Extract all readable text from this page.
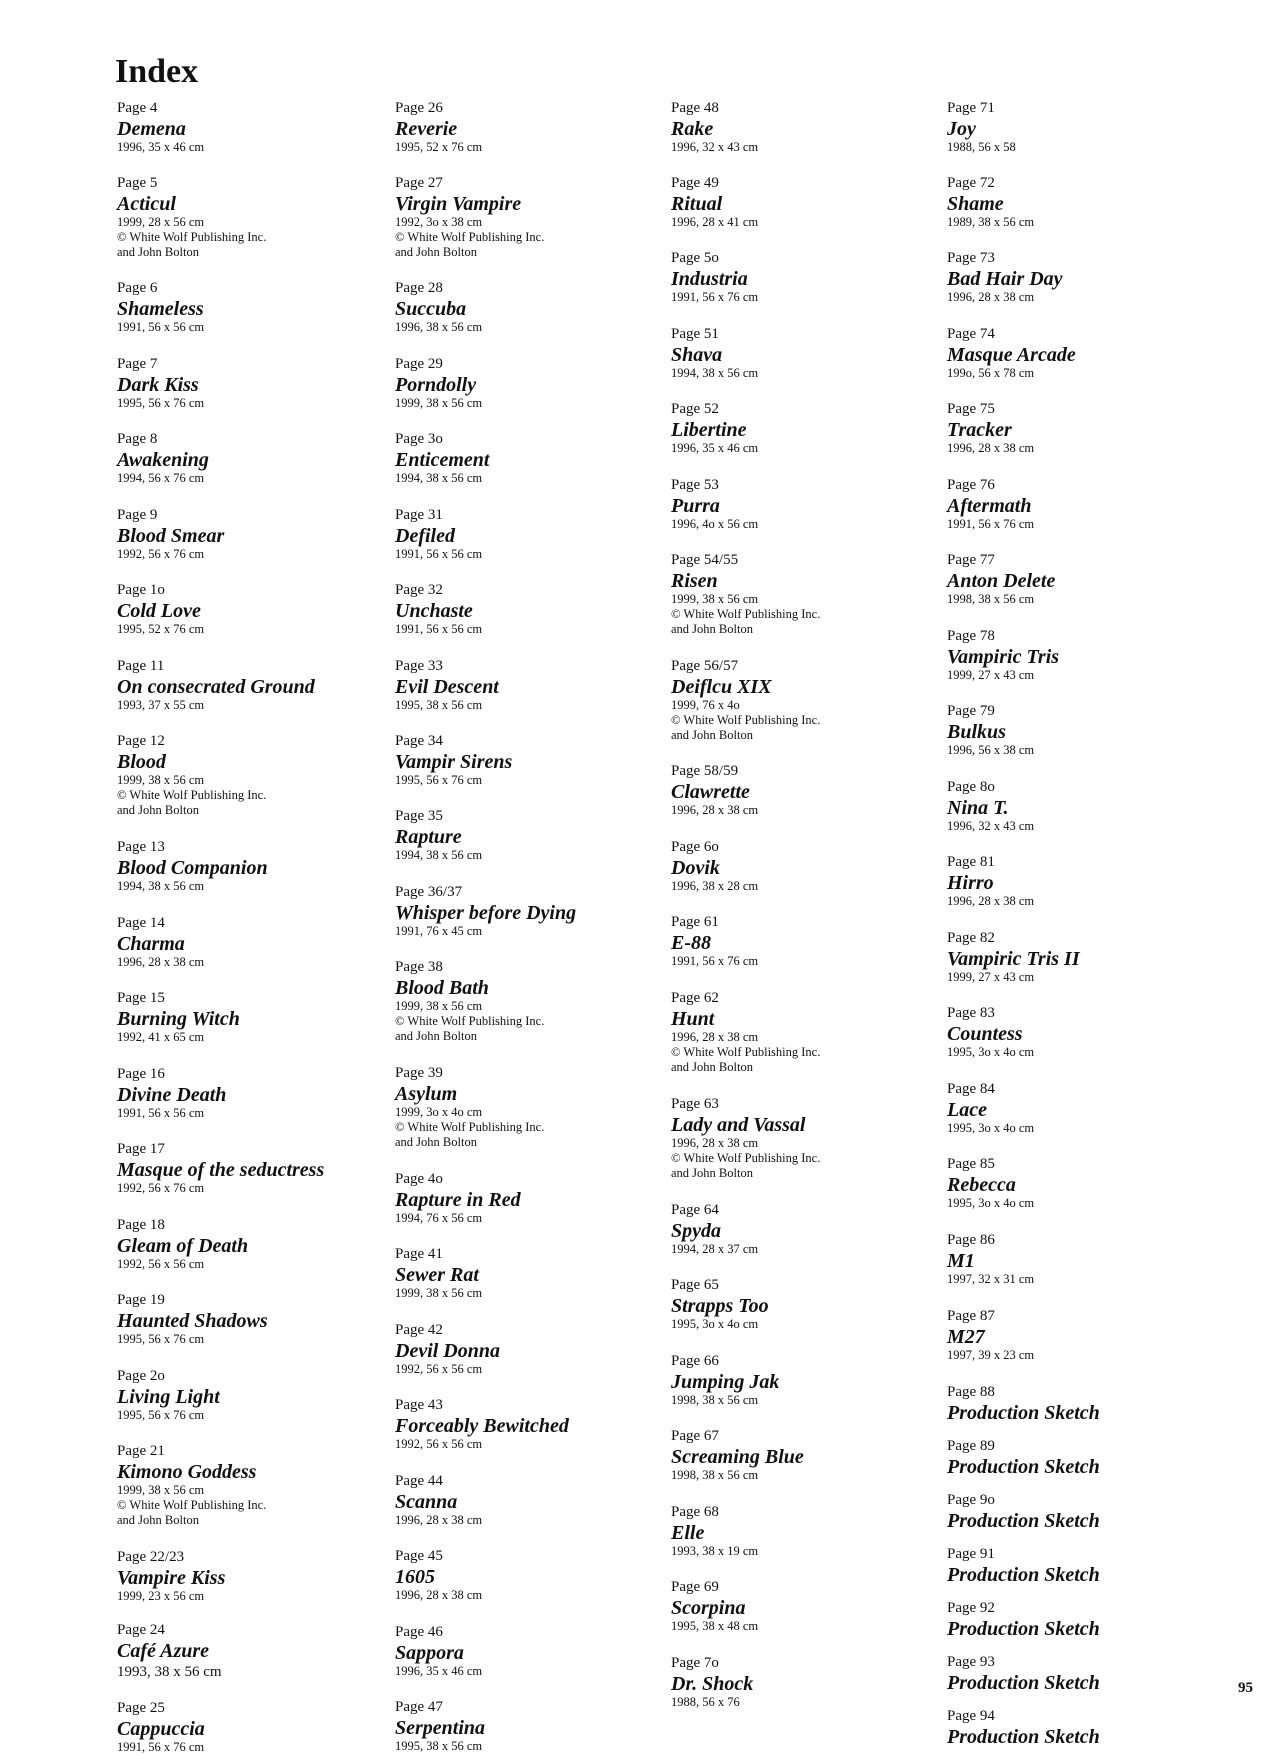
Index
Page 4
Demena
1996, 35 x 46 cm
Page 5
Acticul
1999, 28 x 56 cm
© White Wolf Publishing Inc.
and John Bolton
Page 6
Shameless
1991, 56 x 56 cm
Page 7
Dark Kiss
1995, 56 x 76 cm
Page 8
Awakening
1994, 56 x 76 cm
Page 9
Blood Smear
1992, 56 x 76 cm
Page 1o
Cold Love
1995, 52 x 76 cm
Page 11
On consecrated Ground
1993, 37 x 55 cm
Page 12
Blood
1999, 38 x 56 cm
© White Wolf Publishing Inc.
and John Bolton
Page 13
Blood Companion
1994, 38 x 56 cm
Page 14
Charma
1996, 28 x 38 cm
Page 15
Burning Witch
1992, 41 x 65 cm
Page 16
Divine Death
1991, 56 x 56 cm
Page 17
Masque of the seductress
1992, 56 x 76 cm
Page 18
Gleam of Death
1992, 56 x 56 cm
Page 19
Haunted Shadows
1995, 56 x 76 cm
Page 2o
Living Light
1995, 56 x 76 cm
Page 21
Kimono Goddess
1999, 38 x 56 cm
© White Wolf Publishing Inc.
and John Bolton
Page 22/23
Vampire Kiss
1999, 23 x 56 cm
Page 24
Café Azure
1993, 38 x 56 cm
Page 25
Cappuccia
1991, 56 x 76 cm
Page 26
Reverie
1995, 52 x 76 cm
Page 27
Virgin Vampire
1992, 3o x 38 cm
© White Wolf Publishing Inc.
and John Bolton
Page 28
Succuba
1996, 38 x 56 cm
Page 29
Porndolly
1999, 38 x 56 cm
Page 3o
Enticement
1994, 38 x 56 cm
Page 31
Defiled
1991, 56 x 56 cm
Page 32
Unchaste
1991, 56 x 56 cm
Page 33
Evil Descent
1995, 38 x 56 cm
Page 34
Vampir Sirens
1995, 56 x 76 cm
Page 35
Rapture
1994, 38 x 56 cm
Page 36/37
Whisper before Dying
1991, 76 x 45 cm
Page 38
Blood Bath
1999, 38 x 56 cm
© White Wolf Publishing Inc.
and John Bolton
Page 39
Asylum
1999, 3o x 4o cm
© White Wolf Publishing Inc.
and John Bolton
Page 4o
Rapture in Red
1994, 76 x 56 cm
Page 41
Sewer Rat
1999, 38 x 56 cm
Page 42
Devil Donna
1992, 56 x 56 cm
Page 43
Forceably Bewitched
1992, 56 x 56 cm
Page 44
Scanna
1996, 28 x 38 cm
Page 45
1605
1996, 28 x 38 cm
Page 46
Sappora
1996, 35 x 46 cm
Page 47
Serpentina
1995, 38 x 56 cm
Page 48
Rake
1996, 32 x 43 cm
Page 49
Ritual
1996, 28 x 41 cm
Page 5o
Industria
1991, 56 x 76 cm
Page 51
Shava
1994, 38 x 56 cm
Page 52
Libertine
1996, 35 x 46 cm
Page 53
Purra
1996, 4o x 56 cm
Page 54/55
Risen
1999, 38 x 56 cm
© White Wolf Publishing Inc.
and John Bolton
Page 56/57
Deiflcu XIX
1999, 76 x 4o
© White Wolf Publishing Inc.
and John Bolton
Page 58/59
Clawrette
1996, 28 x 38 cm
Page 6o
Dovik
1996, 38 x 28 cm
Page 61
E-88
1991, 56 x 76 cm
Page 62
Hunt
1996, 28 x 38 cm
© White Wolf Publishing Inc.
and John Bolton
Page 63
Lady and Vassal
1996, 28 x 38 cm
© White Wolf Publishing Inc.
and John Bolton
Page 64
Spyda
1994, 28 x 37 cm
Page 65
Strapps Too
1995, 3o x 4o cm
Page 66
Jumping Jak
1998, 38 x 56 cm
Page 67
Screaming Blue
1998, 38 x 56 cm
Page 68
Elle
1993, 38 x 19 cm
Page 69
Scorpina
1995, 38 x 48 cm
Page 7o
Dr. Shock
1988, 56 x 76
Page 71
Joy
1988, 56 x 58
Page 72
Shame
1989, 38 x 56 cm
Page 73
Bad Hair Day
1996, 28 x 38 cm
Page 74
Masque Arcade
199o, 56 x 78 cm
Page 75
Tracker
1996, 28 x 38 cm
Page 76
Aftermath
1991, 56 x 76 cm
Page 77
Anton Delete
1998, 38 x 56 cm
Page 78
Vampiric Tris
1999, 27 x 43 cm
Page 79
Bulkus
1996, 56 x 38 cm
Page 8o
Nina T.
1996, 32 x 43 cm
Page 81
Hirro
1996, 28 x 38 cm
Page 82
Vampiric Tris II
1999, 27 x 43 cm
Page 83
Countess
1995, 3o x 4o cm
Page 84
Lace
1995, 3o x 4o cm
Page 85
Rebecca
1995, 3o x 4o cm
Page 86
M1
1997, 32 x 31 cm
Page 87
M27
1997, 39 x 23 cm
Page 88
Production Sketch
Page 89
Production Sketch
Page 9o
Production Sketch
Page 91
Production Sketch
Page 92
Production Sketch
Page 93
Production Sketch
Page 94
Production Sketch
95
